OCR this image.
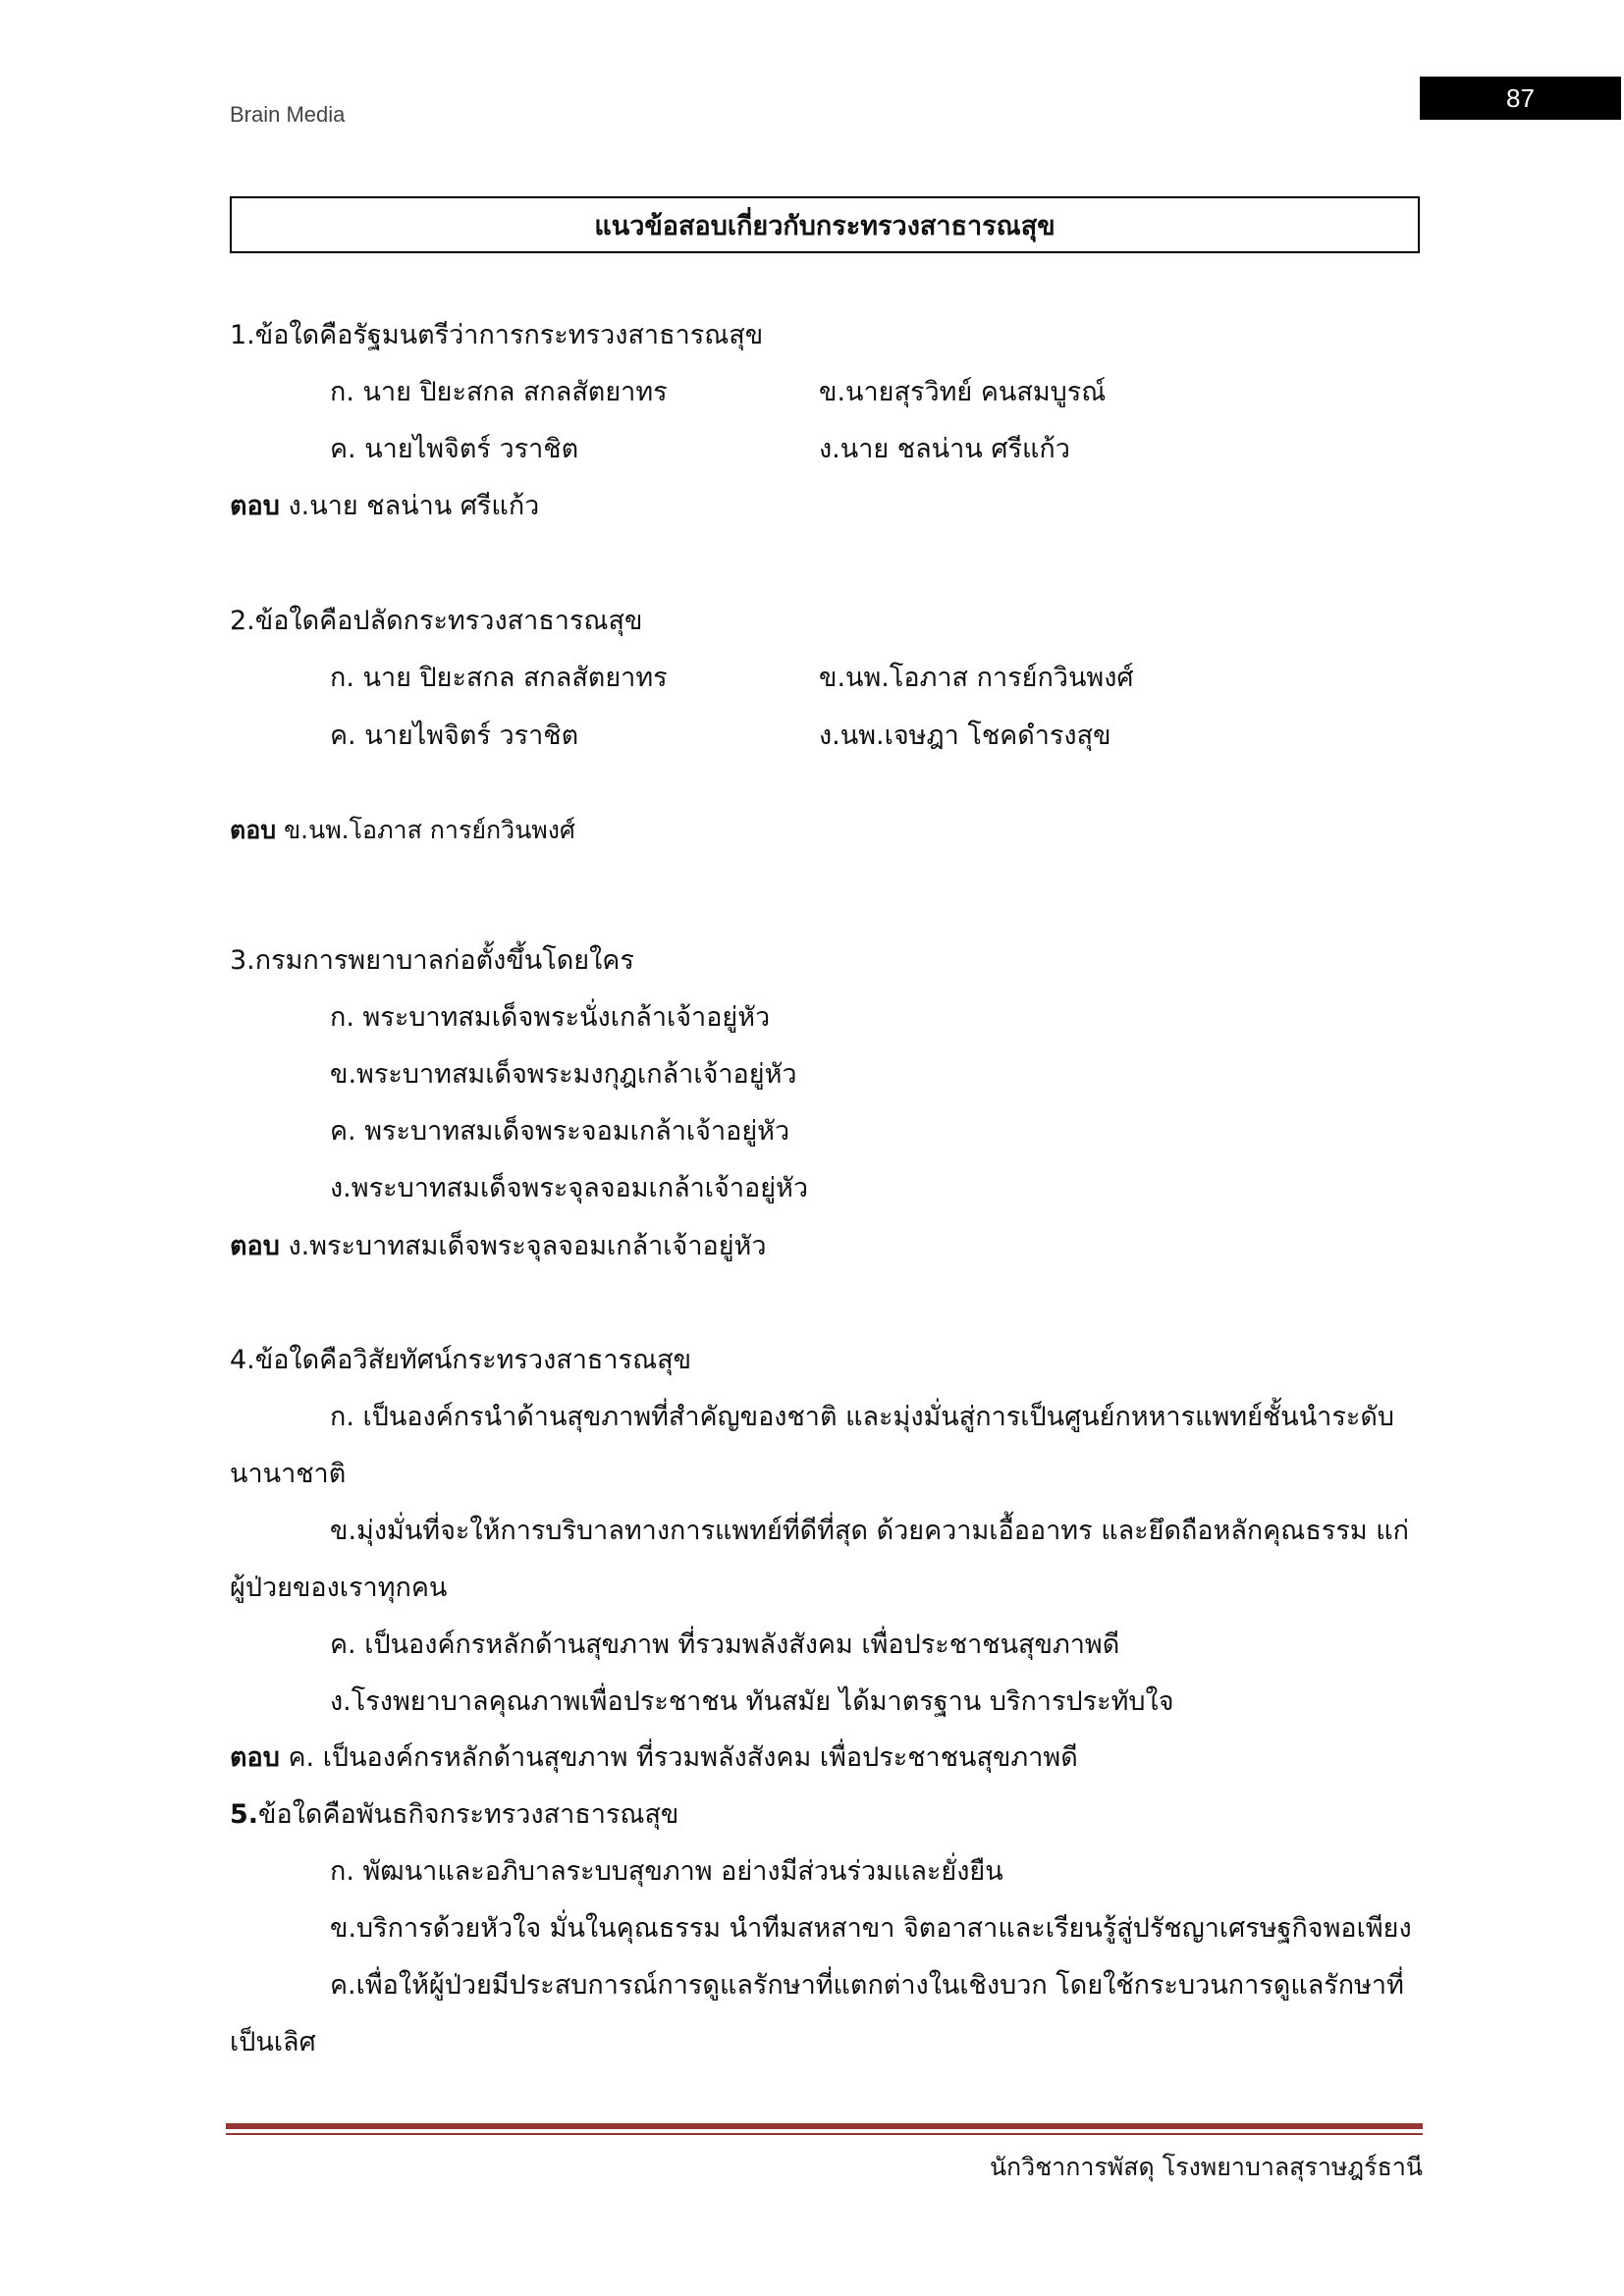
Brain Media
87
แนวข้อสอบเกี่ยวกับกระทรวงสาธารณสุข
1.ข้อใดคือรัฐมนตรีว่าการกระทรวงสาธารณสุข
ก. นาย ปิยะสกล สกลสัตยาทร	ข.นายสุรวิทย์ คนสมบูรณ์
ค. นายไพจิตร์ วราชิต	ง.นาย ชลน่าน ศรีแก้ว
ตอบ ง.นาย ชลน่าน ศรีแก้ว
2.ข้อใดคือปลัดกระทรวงสาธารณสุข
ก. นาย ปิยะสกล สกลสัตยาทร	ข.นพ.โอภาส การย์กวินพงศ์
ค. นายไพจิตร์ วราชิต	ง.นพ.เจษฎา โชคดำรงสุข
ตอบ ข.นพ.โอภาส การย์กวินพงศ์
3.กรมการพยาบาลก่อตั้งขึ้นโดยใคร
ก. พระบาทสมเด็จพระนั่งเกล้าเจ้าอยู่หัว
ข.พระบาทสมเด็จพระมงกุฎเกล้าเจ้าอยู่หัว
ค. พระบาทสมเด็จพระจอมเกล้าเจ้าอยู่หัว
ง.พระบาทสมเด็จพระจุลจอมเกล้าเจ้าอยู่หัว
ตอบ ง.พระบาทสมเด็จพระจุลจอมเกล้าเจ้าอยู่หัว
4.ข้อใดคือวิสัยทัศน์กระทรวงสาธารณสุข
ก. เป็นองค์กรนำด้านสุขภาพที่สำคัญของชาติ และมุ่งมั่นสู่การเป็นศูนย์กหหารแพทย์ชั้นนำระดับ
นานาชาติ
ข.มุ่งมั่นที่จะให้การบริบาลทางการแพทย์ที่ดีที่สุด ด้วยความเอื้ออาทร และยึดถือหลักคุณธรรม แก่
ผู้ป่วยของเราทุกคน
ค. เป็นองค์กรหลักด้านสุขภาพ ที่รวมพลังสังคม เพื่อประชาชนสุขภาพดี
ง.โรงพยาบาลคุณภาพเพื่อประชาชน ทันสมัย ได้มาตรฐาน บริการประทับใจ
ตอบ ค. เป็นองค์กรหลักด้านสุขภาพ ที่รวมพลังสังคม เพื่อประชาชนสุขภาพดี
5.ข้อใดคือพันธกิจกระทรวงสาธารณสุข
ก. พัฒนาและอภิบาลระบบสุขภาพ อย่างมีส่วนร่วมและยั่งยืน
ข.บริการด้วยหัวใจ มั่นในคุณธรรม นำทีมสหสาขา จิตอาสาและเรียนรู้สู่ปรัชญาเศรษฐกิจพอเพียง
ค.เพื่อให้ผู้ป่วยมีประสบการณ์การดูแลรักษาที่แตกต่างในเชิงบวก โดยใช้กระบวนการดูแลรักษาที่
เป็นเลิศ
นักวิชาการพัสดุ โรงพยาบาลสุราษฎร์ธานี
